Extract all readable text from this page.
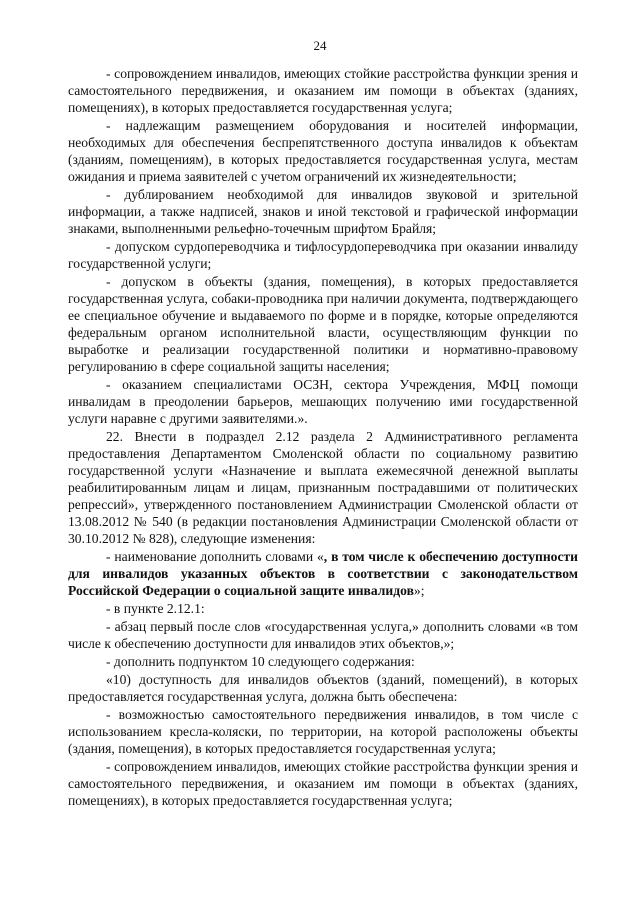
24

- сопровождением инвалидов, имеющих стойкие расстройства функции зрения и самостоятельного передвижения, и оказанием им помощи в объектах (зданиях, помещениях), в которых предоставляется государственная услуга;

- надлежащим размещением оборудования и носителей информации, необходимых для обеспечения беспрепятственного доступа инвалидов к объектам (зданиям, помещениям), в которых предоставляется государственная услуга, местам ожидания и приема заявителей с учетом ограничений их жизнедеятельности;

- дублированием необходимой для инвалидов звуковой и зрительной информации, а также надписей, знаков и иной текстовой и графической информации знаками, выполненными рельефно-точечным шрифтом Брайля;

- допуском сурдопереводчика и тифлосурдопереводчика при оказании инвалиду государственной услуги;

- допуском в объекты (здания, помещения), в которых предоставляется государственная услуга, собаки-проводника при наличии документа, подтверждающего ее специальное обучение и выдаваемого по форме и в порядке, которые определяются федеральным органом исполнительной власти, осуществляющим функции по выработке и реализации государственной политики и нормативно-правовому регулированию в сфере социальной защиты населения;

- оказанием специалистами ОСЗН, сектора Учреждения, МФЦ помощи инвалидам в преодолении барьеров, мешающих получению ими государственной услуги наравне с другими заявителями.».

22. Внести в подраздел 2.12 раздела 2 Административного регламента предоставления Департаментом Смоленской области по социальному развитию государственной услуги «Назначение и выплата ежемесячной денежной выплаты реабилитированным лицам и лицам, признанным пострадавшими от политических репрессий», утвержденного постановлением Администрации Смоленской области от 13.08.2012 № 540 (в редакции постановления Администрации Смоленской области от 30.10.2012 № 828), следующие изменения:

- наименование дополнить словами «, в том числе к обеспечению доступности для инвалидов указанных объектов в соответствии с законодательством Российской Федерации о социальной защите инвалидов»;

- в пункте 2.12.1:

- абзац первый после слов «государственная услуга,» дополнить словами «в том числе к обеспечению доступности для инвалидов этих объектов,»;

- дополнить подпунктом 10 следующего содержания:

«10) доступность для инвалидов объектов (зданий, помещений), в которых предоставляется государственная услуга, должна быть обеспечена:

- возможностью самостоятельного передвижения инвалидов, в том числе с использованием кресла-коляски, по территории, на которой расположены объекты (здания, помещения), в которых предоставляется государственная услуга;

- сопровождением инвалидов, имеющих стойкие расстройства функции зрения и самостоятельного передвижения, и оказанием им помощи в объектах (зданиях, помещениях), в которых предоставляется государственная услуга;
